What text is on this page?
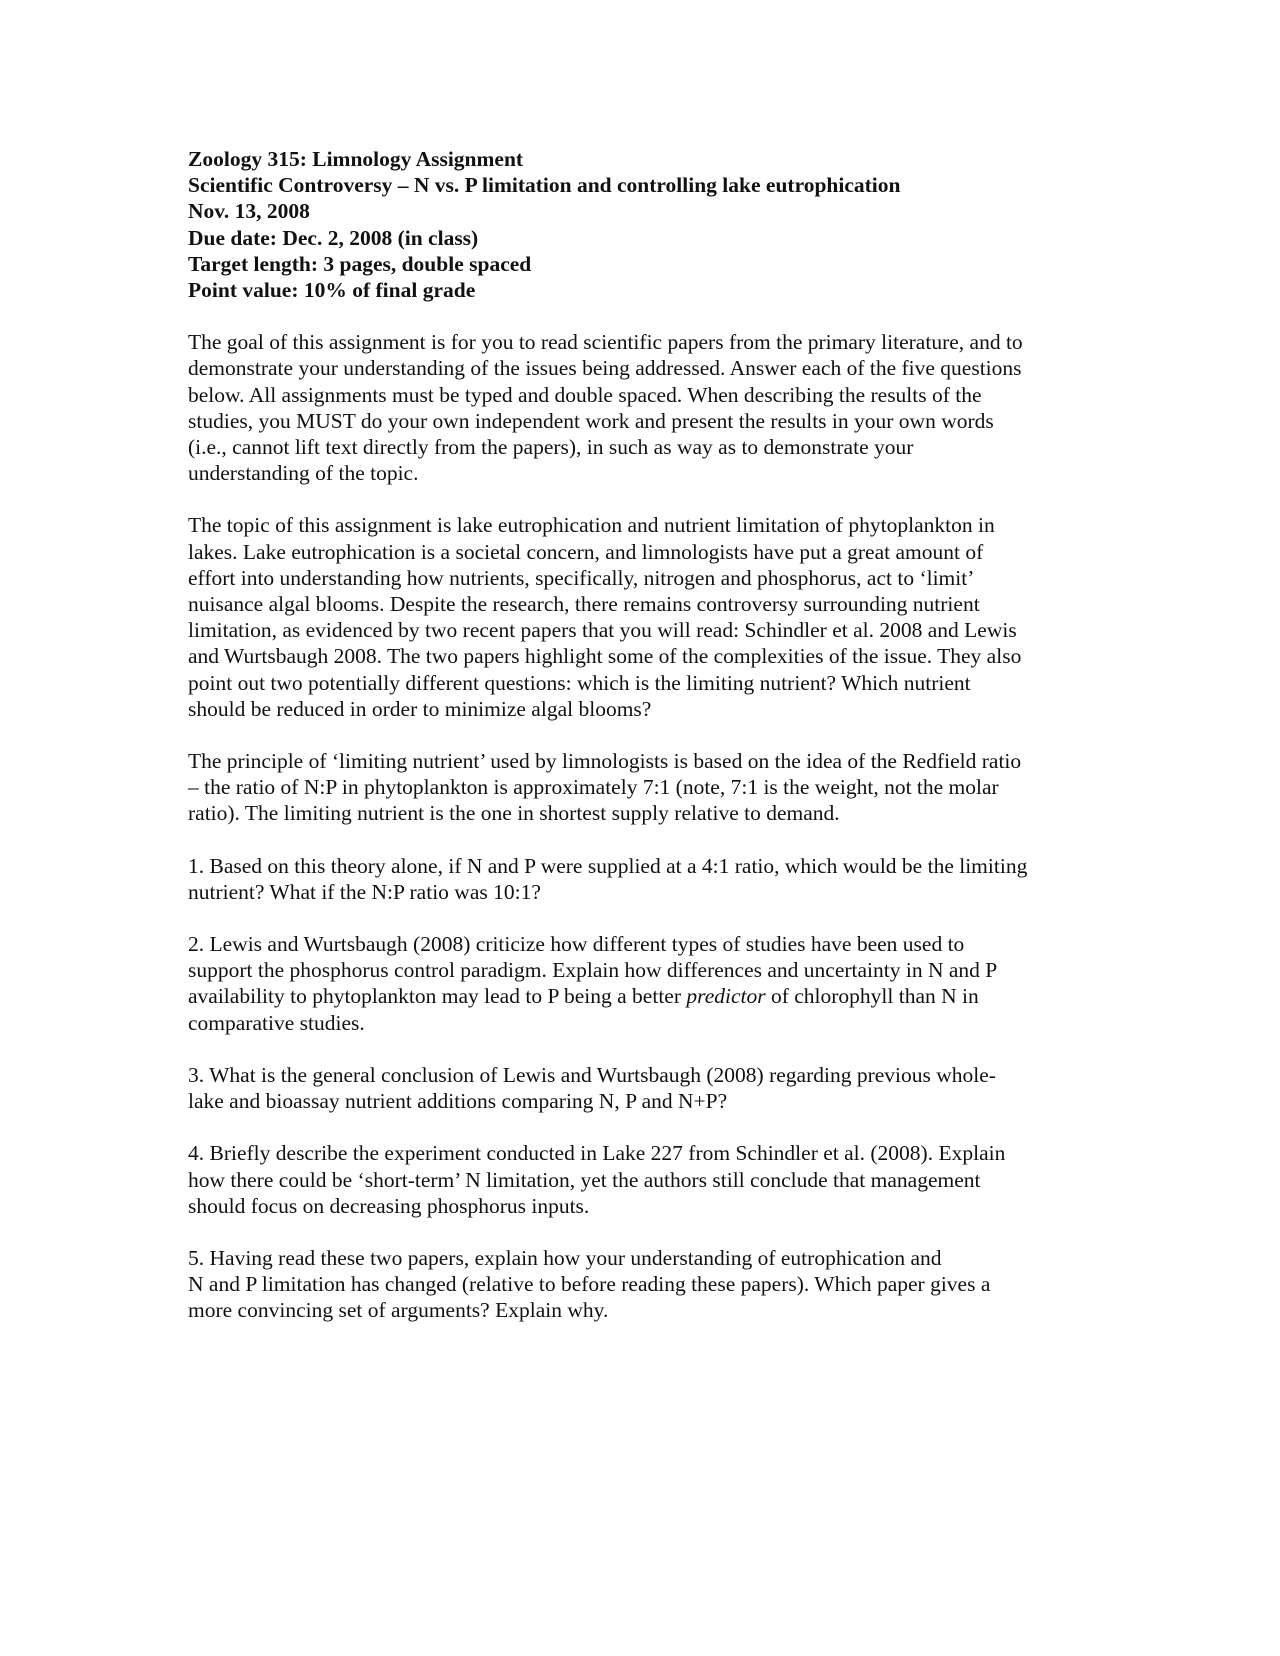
Zoology 315: Limnology Assignment
Scientific Controversy – N vs. P limitation and controlling lake eutrophication
Nov. 13, 2008
Due date: Dec. 2, 2008 (in class)
Target length: 3 pages, double spaced
Point value: 10% of final grade
The goal of this assignment is for you to read scientific papers from the primary literature, and to
demonstrate your understanding of the issues being addressed. Answer each of the five questions
below. All assignments must be typed and double spaced. When describing the results of the
studies, you MUST do your own independent work and present the results in your own words
(i.e., cannot lift text directly from the papers), in such as way as to demonstrate your
understanding of the topic.
The topic of this assignment is lake eutrophication and nutrient limitation of phytoplankton in
lakes. Lake eutrophication is a societal concern, and limnologists have put a great amount of
effort into understanding how nutrients, specifically, nitrogen and phosphorus, act to ‘limit’
nuisance algal blooms. Despite the research, there remains controversy surrounding nutrient
limitation, as evidenced by two recent papers that you will read: Schindler et al. 2008 and Lewis
and Wurtsbaugh 2008. The two papers highlight some of the complexities of the issue. They also
point out two potentially different questions: which is the limiting nutrient? Which nutrient
should be reduced in order to minimize algal blooms?
The principle of ‘limiting nutrient’ used by limnologists is based on the idea of the Redfield ratio
– the ratio of N:P in phytoplankton is approximately 7:1 (note, 7:1 is the weight, not the molar
ratio). The limiting nutrient is the one in shortest supply relative to demand.
1. Based on this theory alone, if N and P were supplied at a 4:1 ratio, which would be the limiting
nutrient? What if the N:P ratio was 10:1?
2. Lewis and Wurtsbaugh (2008) criticize how different types of studies have been used to
support the phosphorus control paradigm. Explain how differences and uncertainty in N and P
availability to phytoplankton may lead to P being a better predictor of chlorophyll than N in
comparative studies.
3. What is the general conclusion of Lewis and Wurtsbaugh (2008) regarding previous whole-
lake and bioassay nutrient additions comparing N, P and N+P?
4. Briefly describe the experiment conducted in Lake 227 from Schindler et al. (2008). Explain
how there could be ‘short-term’ N limitation, yet the authors still conclude that management
should focus on decreasing phosphorus inputs.
5. Having read these two papers, explain how your understanding of eutrophication and
N and P limitation has changed (relative to before reading these papers). Which paper gives a
more convincing set of arguments? Explain why.
